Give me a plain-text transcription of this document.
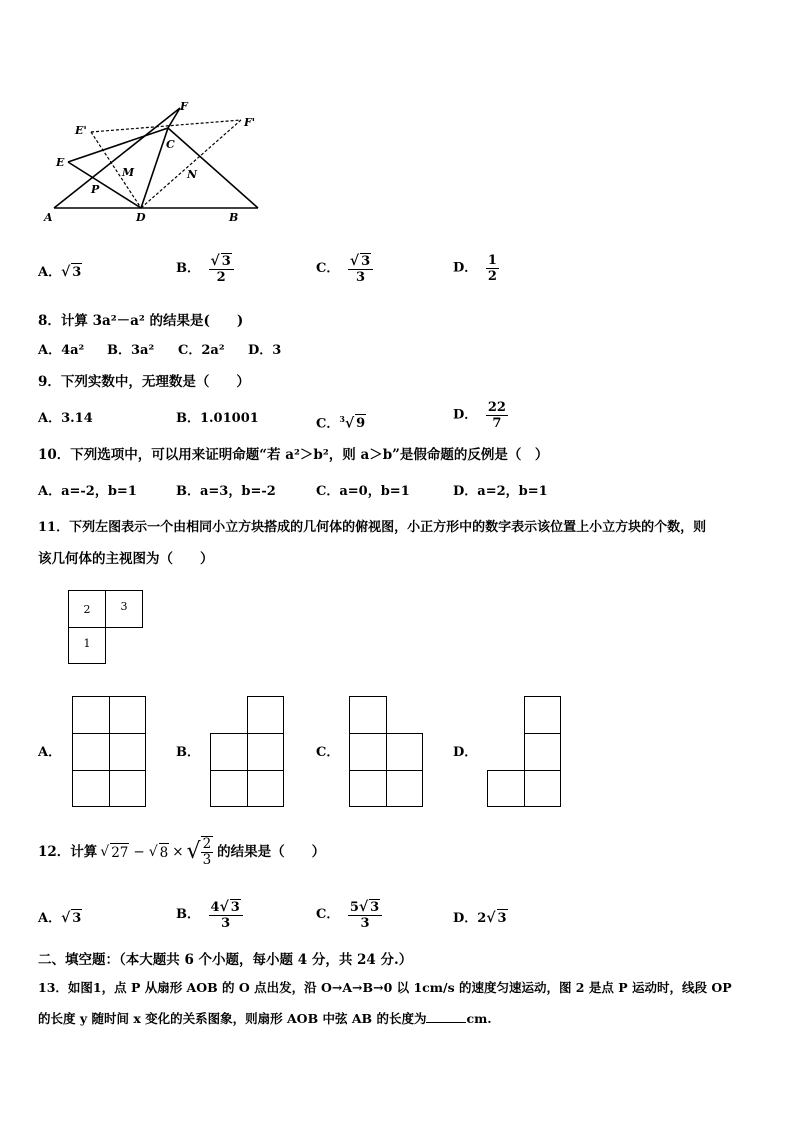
F
E'
F'
E
C
M
P
N
A	D	B
A．√ 3	B． $\frac{√ 3}{2}$	C． $\frac{√ 3}{3}$	D． $\frac{1}{2}$
8．计算 3a²－a² 的结果是(　　)
A．4a² B．3a² C．2a² D．3
9．下列实数中，无理数是（　　）
A．3.14	B．1.01001	C．$^3$√ 9
D． $\frac{22}{7}$
10．下列选项中，可以用来证明命题“若 a²＞b²，则 a＞b”是假命题的反例是（　）
A．a=-2，b=1	B．a=3，b=-2	C．a=0，b=1	D．a=2，b=1
11．下列左图表示一个由相同小立方块搭成的几何体的俯视图，小正方形中的数字表示该位置上小立方块的个数，则
该几何体的主视图为（　　）
2	3
1
A．	B．	C．	D．
12．计算 √ 27 − √ 8 × √ $\frac{2}{3}$ 的结果是（　　）
A．√ 3	B． $\frac{4√ 3}{3}$	C． $\frac{5√ 3}{3}$	D．2√ 3
二、填空题：（本大题共 6 个小题，每小题 4 分，共 24 分.）
13．如图1，点 P 从扇形 AOB 的 O 点出发，沿 O→A→B→0 以 1cm/s 的速度匀速运动，图 2 是点 P 运动时，线段 OP
的长度 y 随时间 x 变化的关系图象，则扇形 AOB 中弦 AB 的长度为	cm.
